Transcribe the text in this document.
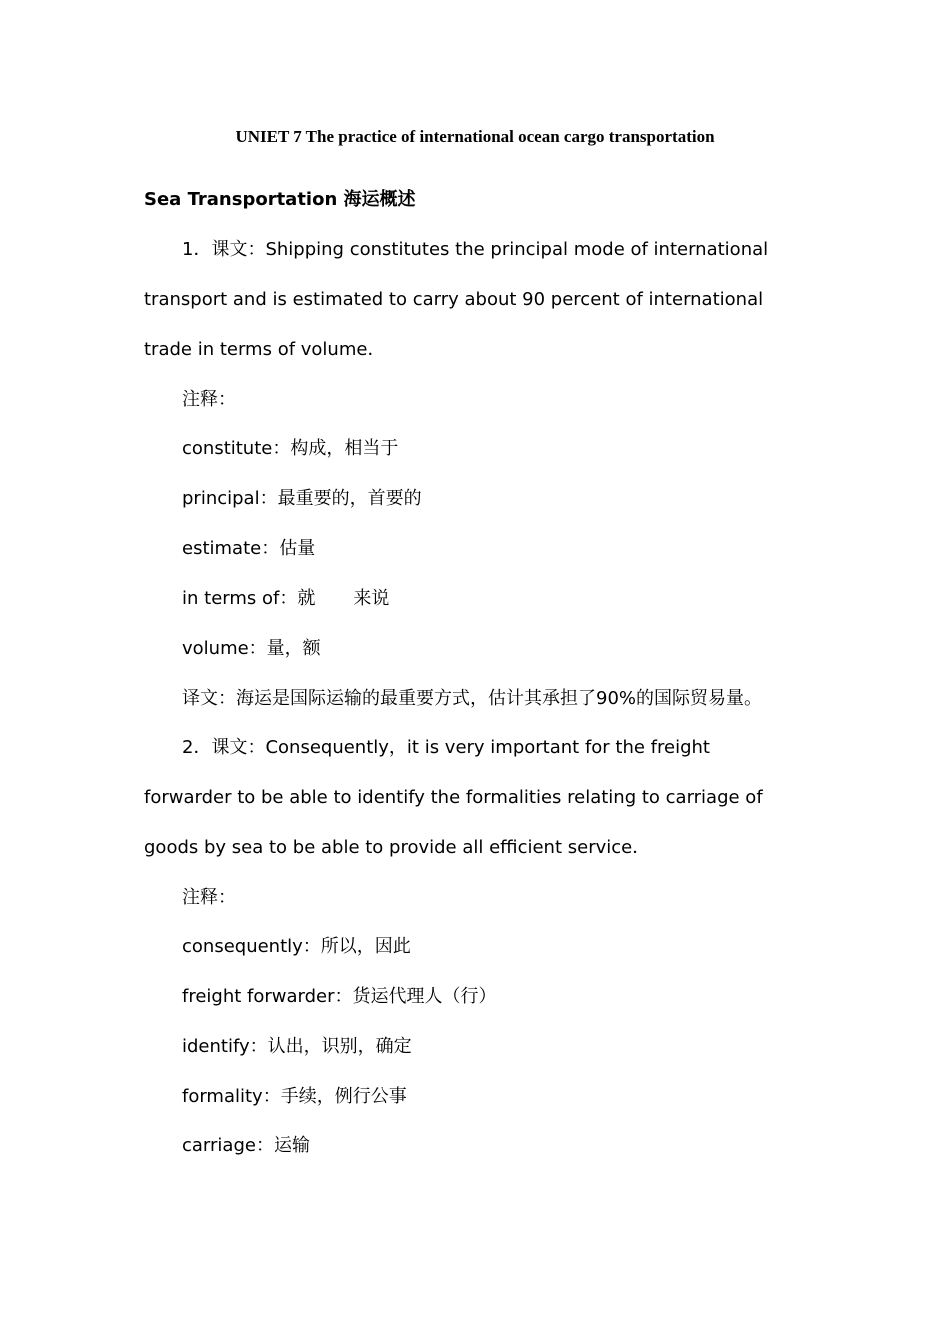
UNIET 7 The practice of international ocean cargo transportation
Sea Transportation 海运概述
1．课文：Shipping constitutes the principal mode of international
transport and is estimated to carry about 90 percent of international
trade in terms of volume．
注释：
constitute：构成，相当于
principal：最重要的，首要的
estimate：估量
in terms of：就 来说
volume：量，额
译文：海运是国际运输的最重要方式，估计其承担了90%的国际贸易量。
2．课文：Consequently，it is very important for the freight
forwarder to be able to identify the formalities relating to carriage of
goods by sea to be able to provide all efficient service．
注释：
consequently：所以，因此
freight forwarder：货运代理人（行）
identify：认出，识别，确定
formality：手续，例行公事
carriage：运输
